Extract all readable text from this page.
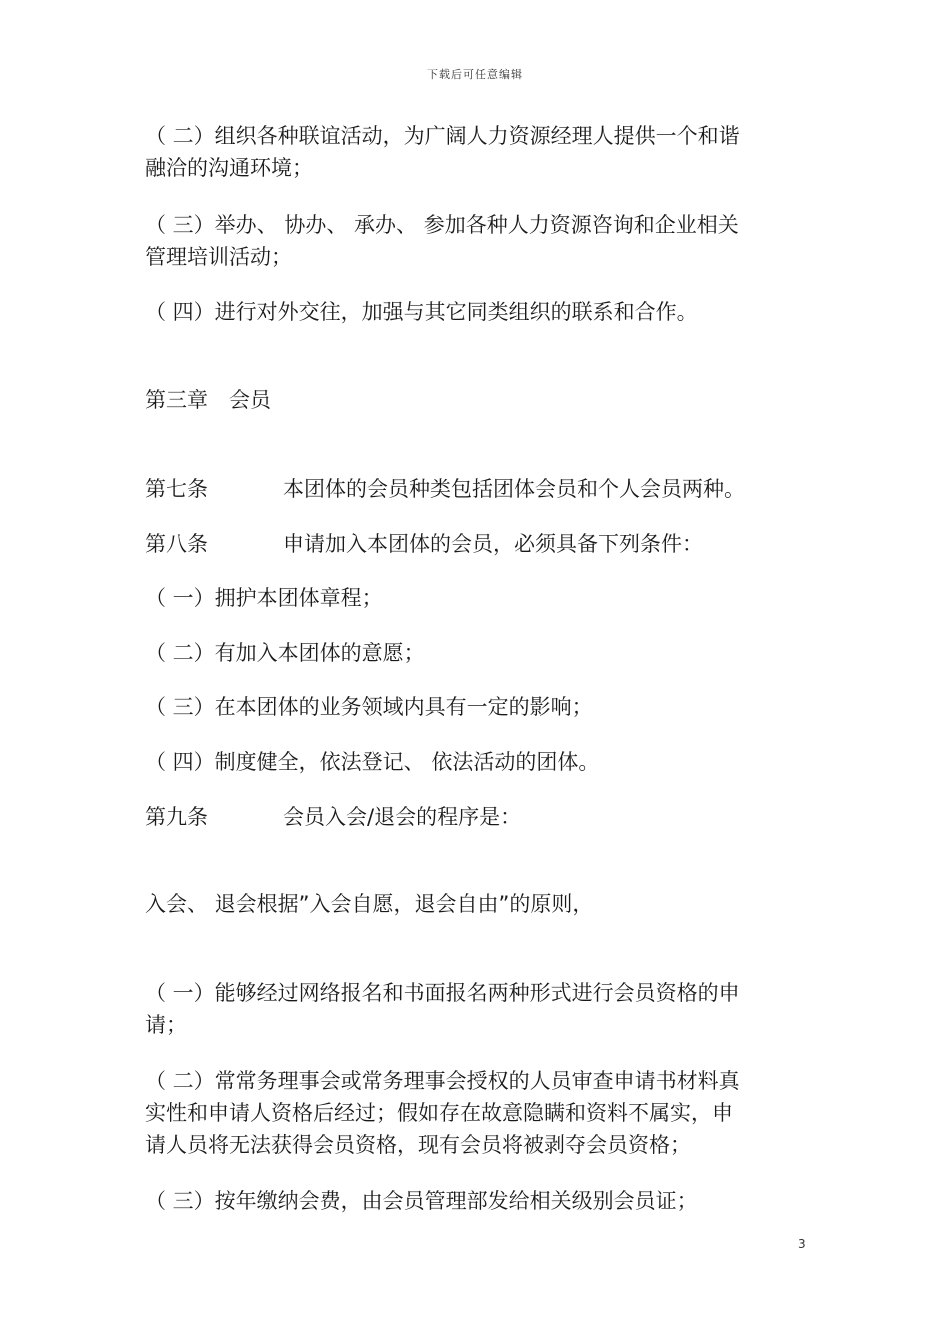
下载后可任意编辑
（ 二）组织各种联谊活动，为广阔人力资源经理人提供一个和谐
融洽的沟通环境；
（ 三）举办、 协办、 承办、 参加各种人力资源咨询和企业相关
管理培训活动；
（ 四）进行对外交往，加强与其它同类组织的联系和合作。
第三章　会员
第七条	本团体的会员种类包括团体会员和个人会员两种。
第八条	申请加入本团体的会员，必须具备下列条件：
（ 一）拥护本团体章程；
（ 二）有加入本团体的意愿；
（ 三）在本团体的业务领域内具有一定的影响；
（ 四）制度健全，依法登记、 依法活动的团体。
第九条	会员入会/退会的程序是：
入会、 退会根据”入会自愿，退会自由”的原则，
（ 一）能够经过网络报名和书面报名两种形式进行会员资格的申
请；
（ 二）常常务理事会或常务理事会授权的人员审查申请书材料真
实性和申请人资格后经过；假如存在故意隐瞒和资料不属实，申
请人员将无法获得会员资格，现有会员将被剥夺会员资格；
（ 三）按年缴纳会费，由会员管理部发给相关级别会员证；
3
